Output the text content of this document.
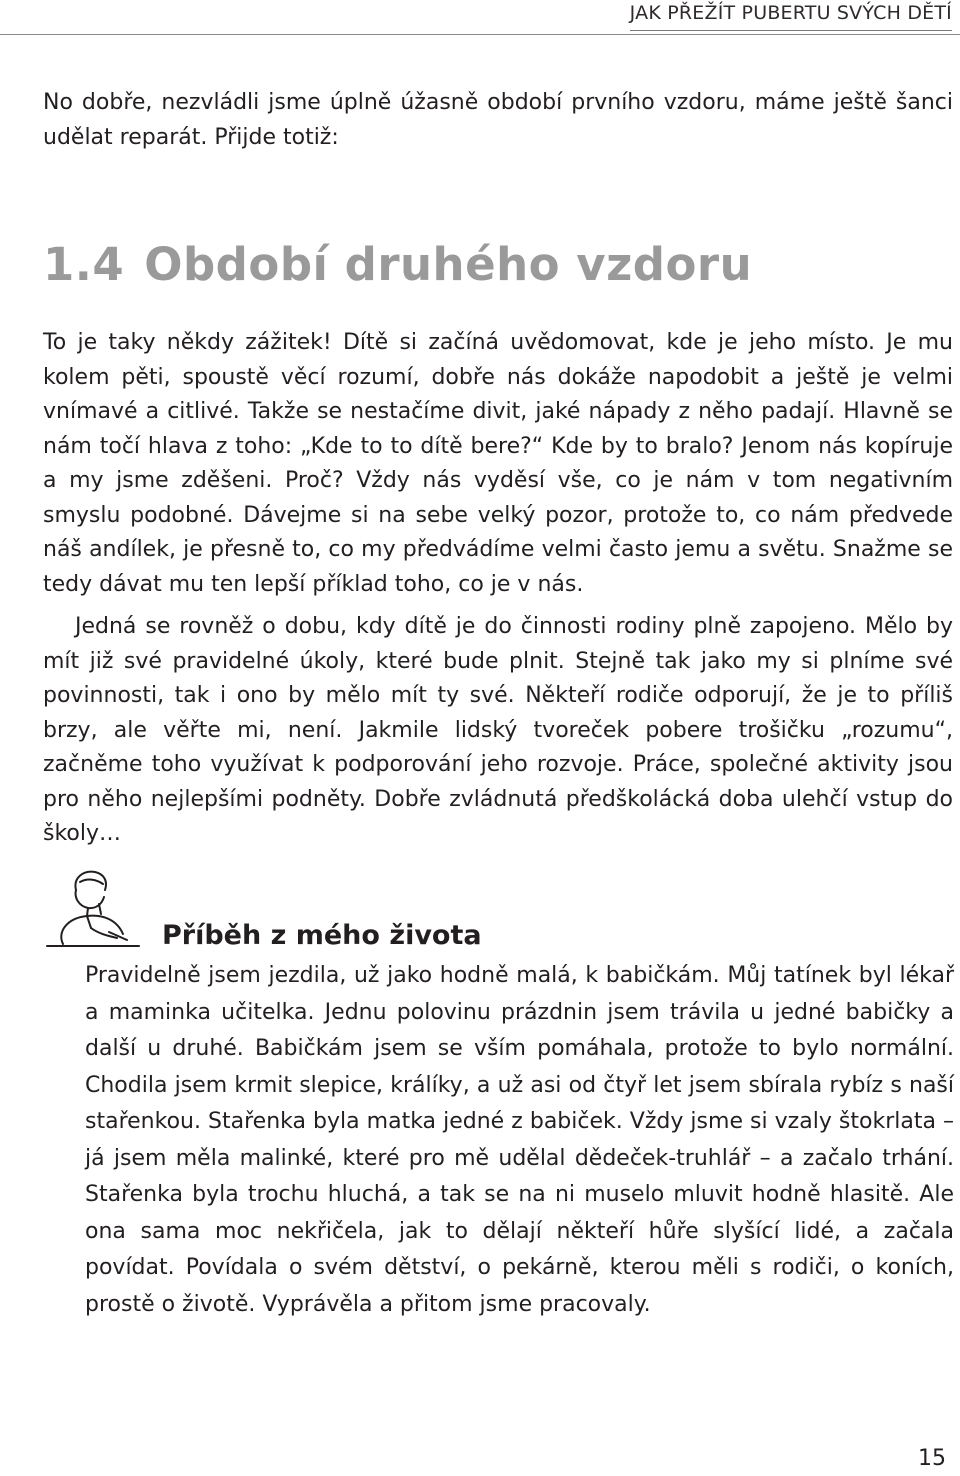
JAK PŘEŽÍT PUBERTU SVÝCH DĚTÍ

No dobře, nezvládli jsme úplně úžasně období prvního vzdoru, máme ještě šanci udělat reparát. Přijde totiž:

1.4 Období druhého vzdoru

To je taky někdy zážitek! Dítě si začíná uvědomovat, kde je jeho místo. Je mu kolem pěti, spoustě věcí rozumí, dobře nás dokáže napodobit a ještě je velmi vnímavé a citlivé. Takže se nestačíme divit, jaké nápady z něho padají. Hlavně se nám točí hlava z toho: „Kde to to dítě bere?“ Kde by to bralo? Jenom nás kopíruje a my jsme zděšeni. Proč? Vždy nás vyděsí vše, co je nám v tom negativním smyslu podobné. Dávejme si na sebe velký pozor, protože to, co nám předvede náš andílek, je přesně to, co my předvádíme velmi často jemu a světu. Snažme se tedy dávat mu ten lepší příklad toho, co je v nás.

Jedná se rovněž o dobu, kdy dítě je do činnosti rodiny plně zapojeno. Mělo by mít již své pravidelné úkoly, které bude plnit. Stejně tak jako my si plníme své povinnosti, tak i ono by mělo mít ty své. Někteří rodiče odporují, že je to příliš brzy, ale věřte mi, není. Jakmile lidský tvoreček pobere trošičku „rozumu“, začněme toho využívat k podporování jeho rozvoje. Práce, společné aktivity jsou pro něho nejlepšími podněty. Dobře zvládnutá předškolácká doba ulehčí vstup do školy…

Příběh z mého života

Pravidelně jsem jezdila, už jako hodně malá, k babičkám. Můj tatínek byl lékař a maminka učitelka. Jednu polovinu prázdnin jsem trávila u jedné babičky a další u druhé. Babičkám jsem se vším pomáhala, protože to bylo normální. Chodila jsem krmit slepice, králíky, a už asi od čtyř let jsem sbírala rybíz s naší stařenkou. Stařenka byla matka jedné z babiček. Vždy jsme si vzaly štokrlata – já jsem měla malinké, které pro mě udělal dědeček-truhlář – a začalo trhání. Stařenka byla trochu hluchá, a tak se na ni muselo mluvit hodně hlasitě. Ale ona sama moc nekřičela, jak to dělají někteří hůře slyšící lidé, a začala povídat. Povídala o svém dětství, o pekárně, kterou měli s rodiči, o koních, prostě o životě. Vyprávěla a přitom jsme pracovaly.

15
